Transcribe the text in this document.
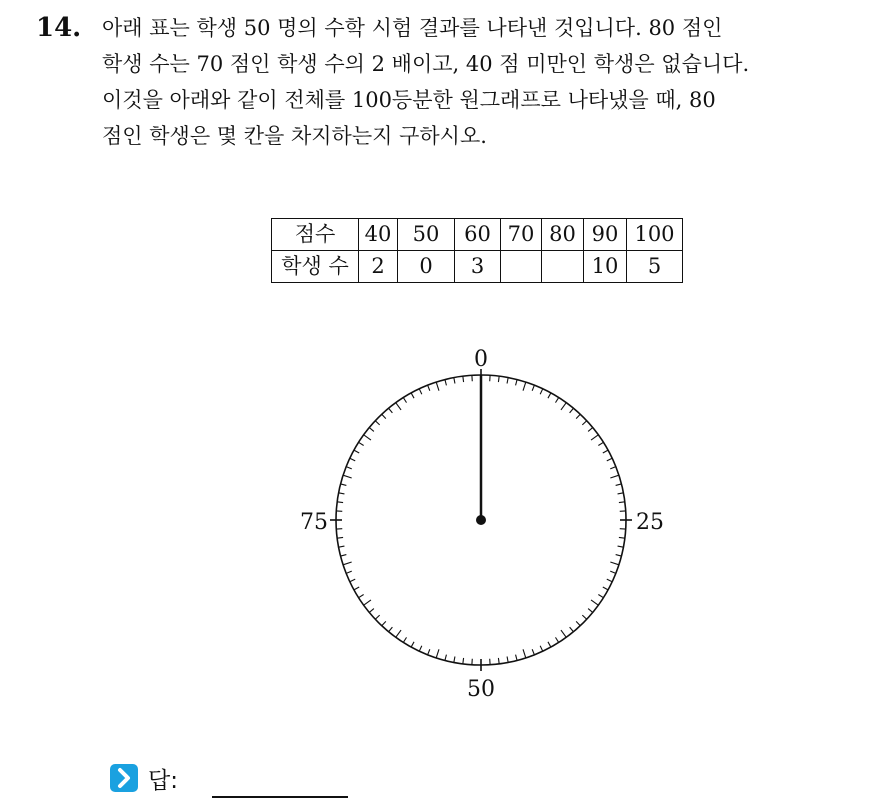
14. 아래 표는 학생 50 명의 수학 시험 결과를 나타낸 것입니다. 80 점인
학생 수는 70 점인 학생 수의 2 배이고, 40 점 미만인 학생은 없습니다.
이것을 아래와 같이 전체를 100등분한 원그래프로 나타냈을 때, 80
점인 학생은 몇 칸을 차지하는지 구하시오.
점수	40	50	60	70	80	90	100
학생 수	2	0	3			10	5
0
25
50
75
답:
